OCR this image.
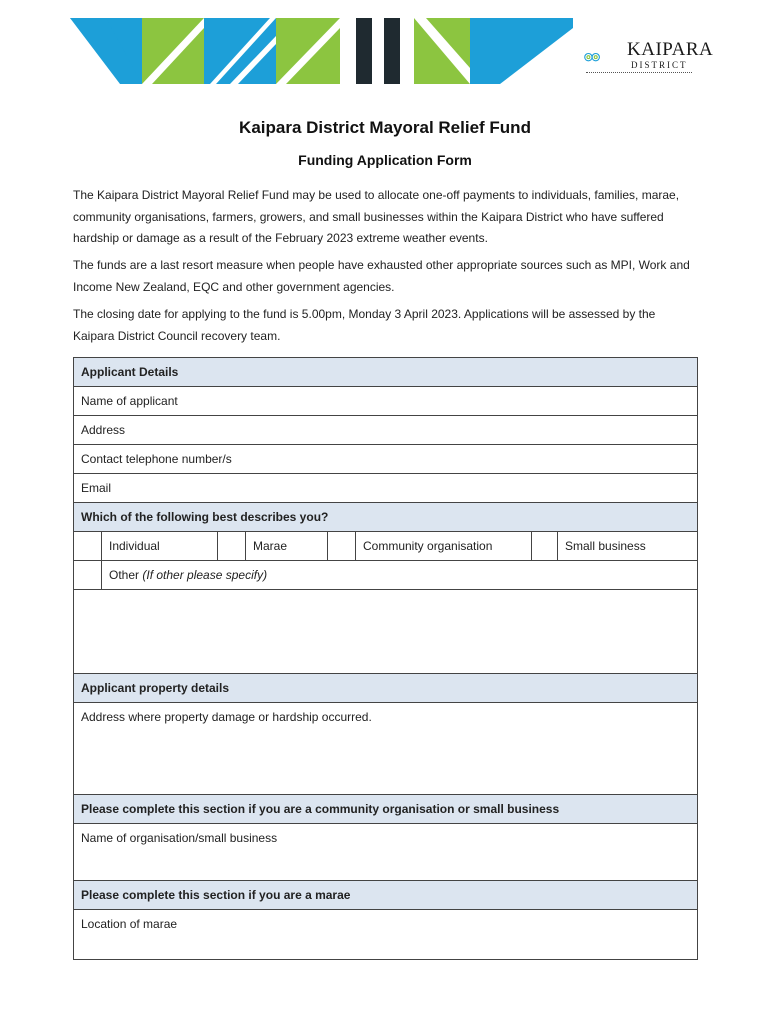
KAIPARA
DISTRICT
Kaipara District Mayoral Relief Fund
Funding Application Form
The Kaipara District Mayoral Relief Fund may be used to allocate one-off payments to individuals, families, marae, community organisations, farmers, growers, and small businesses within the Kaipara District who have suffered hardship or damage as a result of the February 2023 extreme weather events.
The funds are a last resort measure when people have exhausted other appropriate sources such as MPI, Work and Income New Zealand, EQC and other government agencies.
The closing date for applying to the fund is 5.00pm, Monday 3 April 2023. Applications will be assessed by the Kaipara District Council recovery team.
Applicant Details							
Name of applicant							
Address							
Contact telephone number/s							
Email							
Which of the following best describes you?							
	Individual		Marae		Community organisation		Small business
	Other (If other please specify)						

Applicant property details							
Address where property damage or hardship occurred.							
Please complete this section if you are a community organisation or small business							
Name of organisation/small business							
Please complete this section if you are a marae							
Location of marae							
